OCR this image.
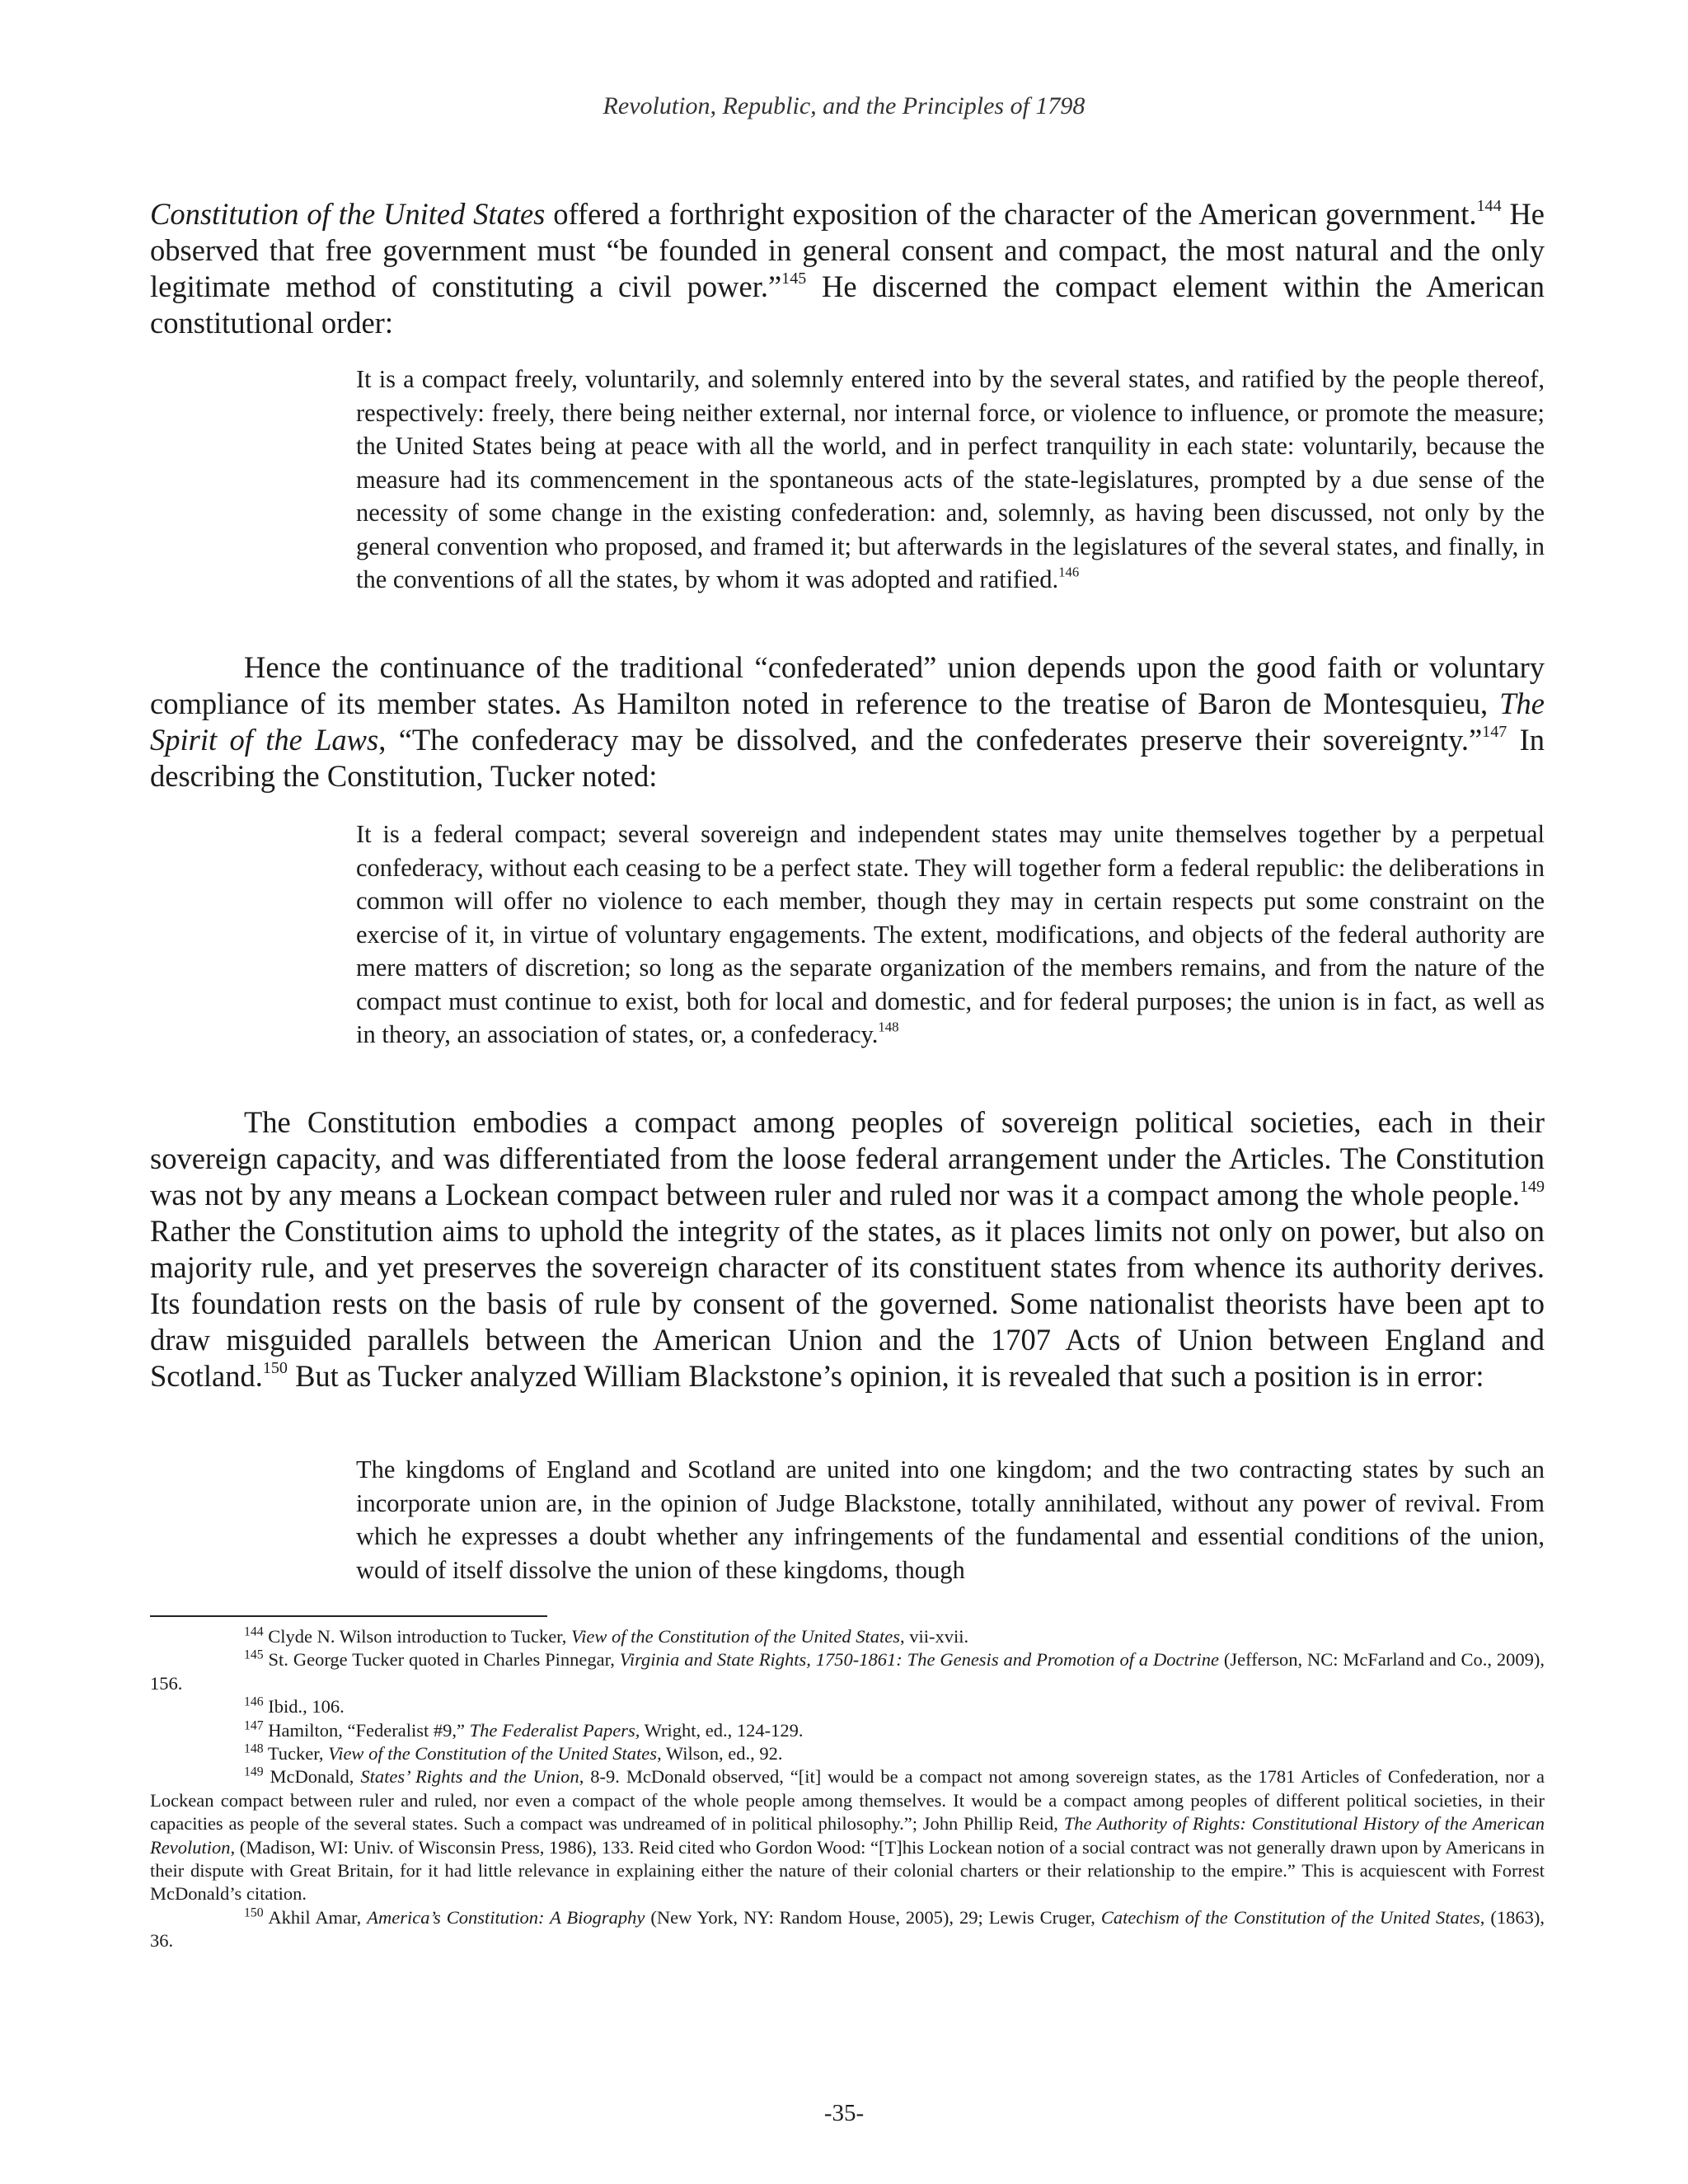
Revolution, Republic, and the Principles of 1798

Constitution of the United States offered a forthright exposition of the character of the American government.$^{144}$ He observed that free government must “be founded in general consent and compact, the most natural and the only legitimate method of constituting a civil power.”$^{145}$ He discerned the compact element within the American constitutional order:

It is a compact freely, voluntarily, and solemnly entered into by the several states, and ratified by the people thereof, respectively: freely, there being neither external, nor internal force, or violence to influence, or promote the measure; the United States being at peace with all the world, and in perfect tranquility in each state: voluntarily, because the measure had its commencement in the spontaneous acts of the state-legislatures, prompted by a due sense of the necessity of some change in the existing confederation: and, solemnly, as having been discussed, not only by the general convention who proposed, and framed it; but afterwards in the legislatures of the several states, and finally, in the conventions of all the states, by whom it was adopted and ratified.$^{146}$

Hence the continuance of the traditional “confederated” union depends upon the good faith or voluntary compliance of its member states. As Hamilton noted in reference to the treatise of Baron de Montesquieu, The Spirit of the Laws, “The confederacy may be dissolved, and the confederates preserve their sovereignty.”$^{147}$ In describing the Constitution, Tucker noted:

It is a federal compact; several sovereign and independent states may unite themselves together by a perpetual confederacy, without each ceasing to be a perfect state. They will together form a federal republic: the deliberations in common will offer no violence to each member, though they may in certain respects put some constraint on the exercise of it, in virtue of voluntary engagements. The extent, modifications, and objects of the federal authority are mere matters of discretion; so long as the separate organization of the members remains, and from the nature of the compact must continue to exist, both for local and domestic, and for federal purposes; the union is in fact, as well as in theory, an association of states, or, a confederacy.$^{148}$

The Constitution embodies a compact among peoples of sovereign political societies, each in their sovereign capacity, and was differentiated from the loose federal arrangement under the Articles. The Constitution was not by any means a Lockean compact between ruler and ruled nor was it a compact among the whole people.$^{149}$ Rather the Constitution aims to uphold the integrity of the states, as it places limits not only on power, but also on majority rule, and yet preserves the sovereign character of its constituent states from whence its authority derives. Its foundation rests on the basis of rule by consent of the governed. Some nationalist theorists have been apt to draw misguided parallels between the American Union and the 1707 Acts of Union between England and Scotland.$^{150}$ But as Tucker analyzed William Blackstone’s opinion, it is revealed that such a position is in error:

The kingdoms of England and Scotland are united into one kingdom; and the two contracting states by such an incorporate union are, in the opinion of Judge Blackstone, totally annihilated, without any power of revival. From which he expresses a doubt whether any infringements of the fundamental and essential conditions of the union, would of itself dissolve the union of these kingdoms, though

$^{144}$ Clyde N. Wilson introduction to Tucker, View of the Constitution of the United States, vii-xvii.

$^{145}$ St. George Tucker quoted in Charles Pinnegar, Virginia and State Rights, 1750-1861: The Genesis and Promotion of a Doctrine (Jefferson, NC: McFarland and Co., 2009), 156.

$^{146}$ Ibid., 106.

$^{147}$ Hamilton, “Federalist #9,” The Federalist Papers, Wright, ed., 124-129.

$^{148}$ Tucker, View of the Constitution of the United States, Wilson, ed., 92.

$^{149}$ McDonald, States’ Rights and the Union, 8-9. McDonald observed, “[it] would be a compact not among sovereign states, as the 1781 Articles of Confederation, nor a Lockean compact between ruler and ruled, nor even a compact of the whole people among themselves. It would be a compact among peoples of different political societies, in their capacities as people of the several states. Such a compact was undreamed of in political philosophy.”; John Phillip Reid, The Authority of Rights: Constitutional History of the American Revolution, (Madison, WI: Univ. of Wisconsin Press, 1986), 133. Reid cited who Gordon Wood: “[T]his Lockean notion of a social contract was not generally drawn upon by Americans in their dispute with Great Britain, for it had little relevance in explaining either the nature of their colonial charters or their relationship to the empire.” This is acquiescent with Forrest McDonald’s citation.

$^{150}$ Akhil Amar, America’s Constitution: A Biography (New York, NY: Random House, 2005), 29; Lewis Cruger, Catechism of the Constitution of the United States, (1863), 36.

-35-
